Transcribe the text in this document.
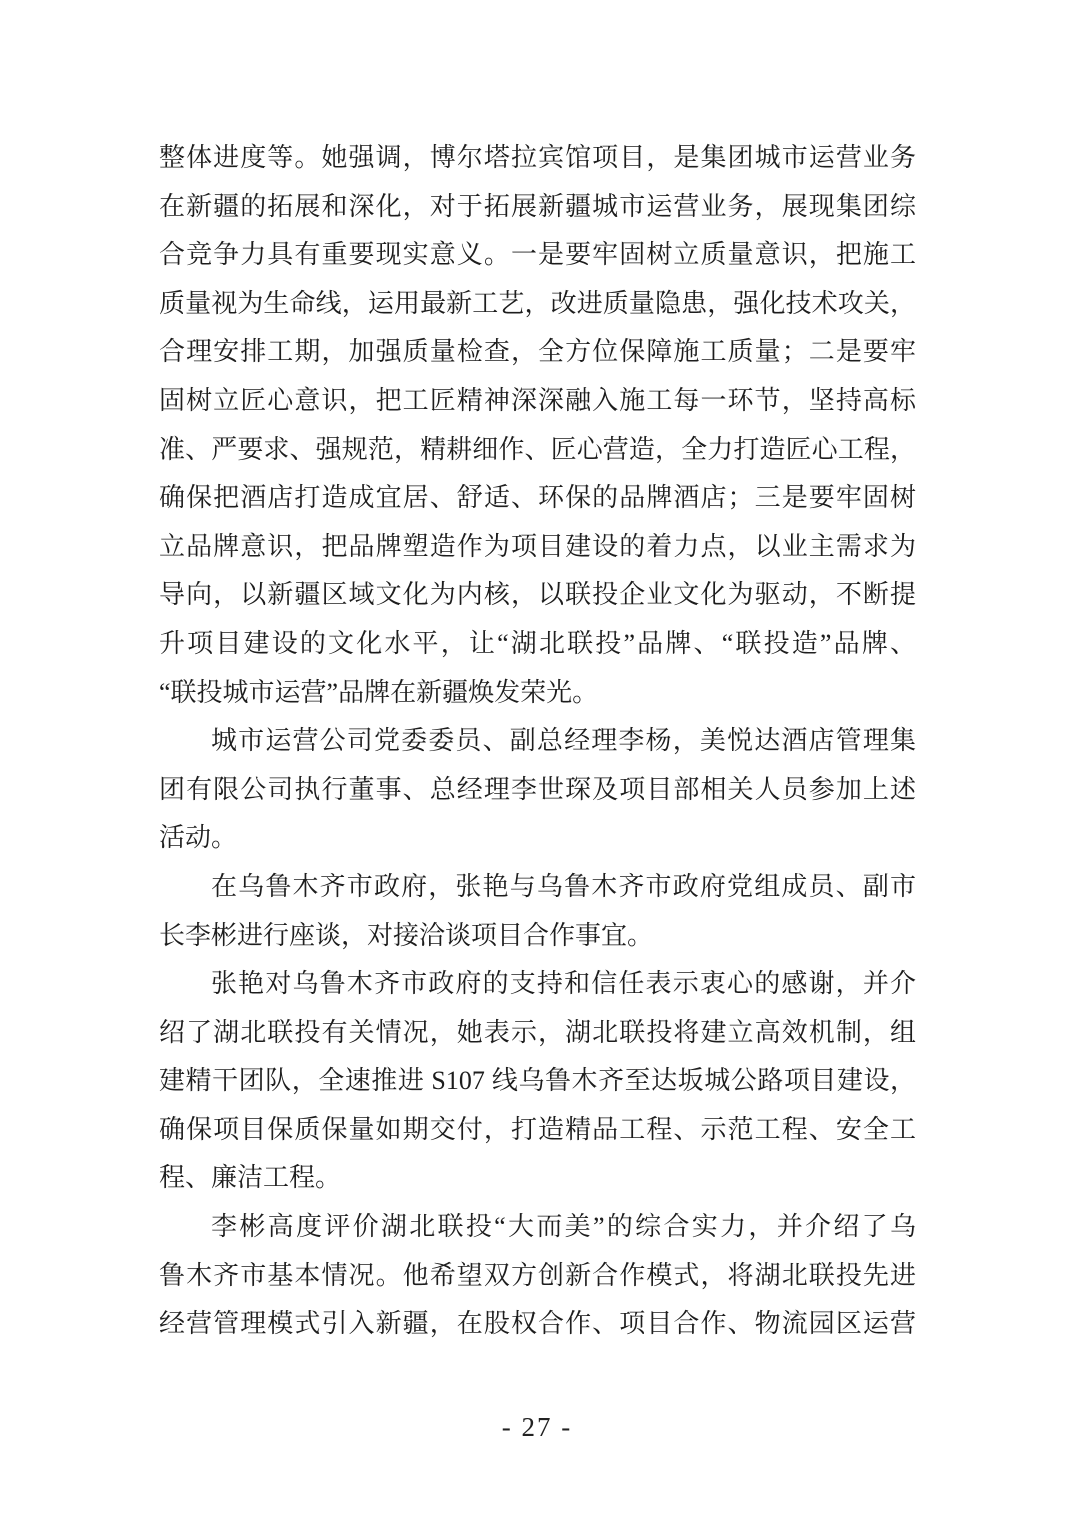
整体进度等。她强调，博尔塔拉宾馆项目，是集团城市运营业务
在新疆的拓展和深化，对于拓展新疆城市运营业务，展现集团综
合竞争力具有重要现实意义。一是要牢固树立质量意识，把施工
质量视为生命线，运用最新工艺，改进质量隐患，强化技术攻关，
合理安排工期，加强质量检查，全方位保障施工质量；二是要牢
固树立匠心意识，把工匠精神深深融入施工每一环节，坚持高标
准、严要求、强规范，精耕细作、匠心营造，全力打造匠心工程，
确保把酒店打造成宜居、舒适、环保的品牌酒店；三是要牢固树
立品牌意识，把品牌塑造作为项目建设的着力点，以业主需求为
导向，以新疆区域文化为内核，以联投企业文化为驱动，不断提
升项目建设的文化水平，让“湖北联投”品牌、“联投造”品牌、
“联投城市运营”品牌在新疆焕发荣光。
城市运营公司党委委员、副总经理李杨，美悦达酒店管理集
团有限公司执行董事、总经理李世琛及项目部相关人员参加上述
活动。
在乌鲁木齐市政府，张艳与乌鲁木齐市政府党组成员、副市
长李彬进行座谈，对接洽谈项目合作事宜。
张艳对乌鲁木齐市政府的支持和信任表示衷心的感谢，并介
绍了湖北联投有关情况，她表示，湖北联投将建立高效机制，组
建精干团队，全速推进 S107 线乌鲁木齐至达坂城公路项目建设，
确保项目保质保量如期交付，打造精品工程、示范工程、安全工
程、廉洁工程。
李彬高度评价湖北联投“大而美”的综合实力，并介绍了乌
鲁木齐市基本情况。他希望双方创新合作模式，将湖北联投先进
经营管理模式引入新疆，在股权合作、项目合作、物流园区运营
- 27 -
